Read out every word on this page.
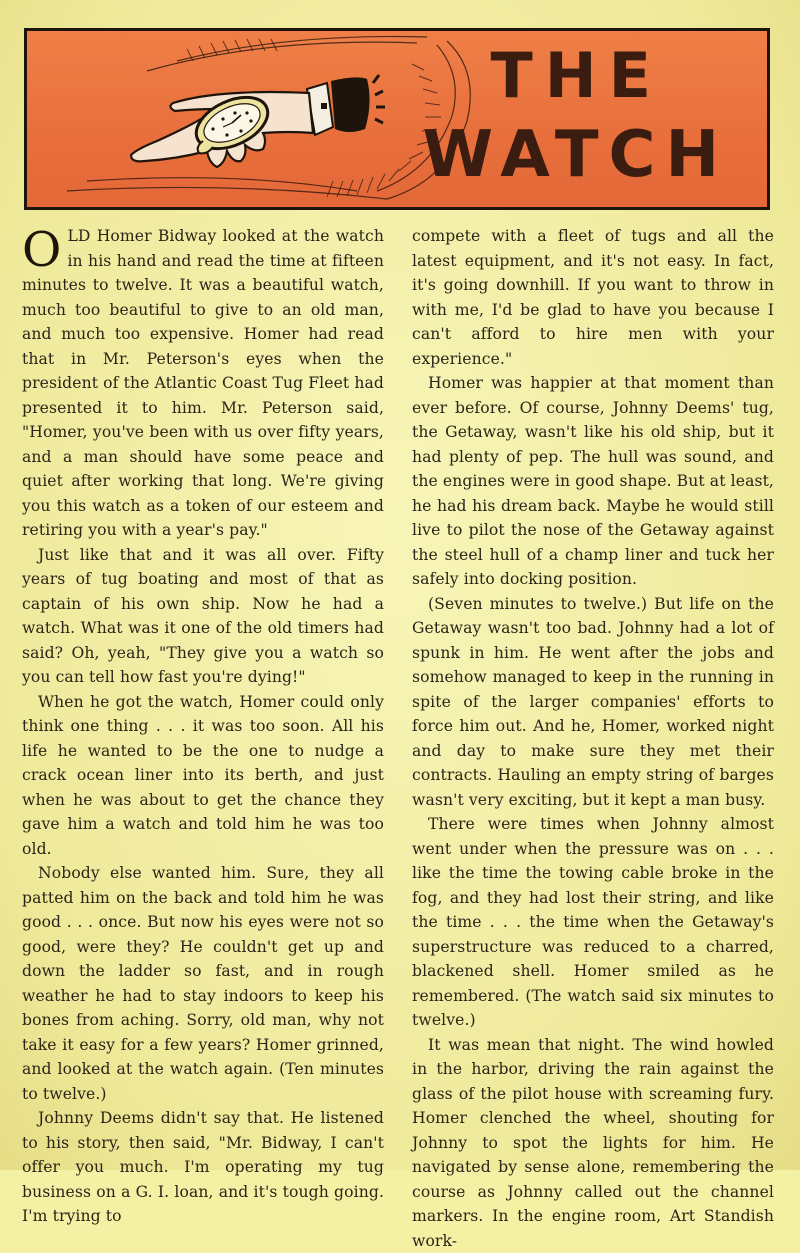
THE
WATCH

OLD Homer Bidway looked at the watch in his hand and read the time at fifteen minutes to twelve. It was a beautiful watch, much too beautiful to give to an old man, and much too expensive. Homer had read that in Mr. Peterson's eyes when the president of the Atlantic Coast Tug Fleet had presented it to him. Mr. Peterson said, "Homer, you've been with us over fifty years, and a man should have some peace and quiet after working that long. We're giving you this watch as a token of our esteem and retiring you with a year's pay."

Just like that and it was all over. Fifty years of tug boating and most of that as captain of his own ship. Now he had a watch. What was it one of the old timers had said? Oh, yeah, "They give you a watch so you can tell how fast you're dying!"

When he got the watch, Homer could only think one thing . . . it was too soon. All his life he wanted to be the one to nudge a crack ocean liner into its berth, and just when he was about to get the chance they gave him a watch and told him he was too old.

Nobody else wanted him. Sure, they all patted him on the back and told him he was good . . . once. But now his eyes were not so good, were they? He couldn't get up and down the ladder so fast, and in rough weather he had to stay indoors to keep his bones from aching. Sorry, old man, why not take it easy for a few years? Homer grinned, and looked at the watch again. (Ten minutes to twelve.)

Johnny Deems didn't say that. He listened to his story, then said, "Mr. Bidway, I can't offer you much. I'm operating my tug business on a G. I. loan, and it's tough going. I'm trying to

compete with a fleet of tugs and all the latest equipment, and it's not easy. In fact, it's going downhill. If you want to throw in with me, I'd be glad to have you because I can't afford to hire men with your experience."

Homer was happier at that moment than ever before. Of course, Johnny Deems' tug, the Getaway, wasn't like his old ship, but it had plenty of pep. The hull was sound, and the engines were in good shape. But at least, he had his dream back. Maybe he would still live to pilot the nose of the Getaway against the steel hull of a champ liner and tuck her safely into docking position.

(Seven minutes to twelve.) But life on the Getaway wasn't too bad. Johnny had a lot of spunk in him. He went after the jobs and somehow managed to keep in the running in spite of the larger companies' efforts to force him out. And he, Homer, worked night and day to make sure they met their contracts. Hauling an empty string of barges wasn't very exciting, but it kept a man busy.

There were times when Johnny almost went under when the pressure was on . . . like the time the towing cable broke in the fog, and they had lost their string, and like the time . . . the time when the Getaway's superstructure was reduced to a charred, blackened shell. Homer smiled as he remembered. (The watch said six minutes to twelve.)

It was mean that night. The wind howled in the harbor, driving the rain against the glass of the pilot house with screaming fury. Homer clenched the wheel, shouting for Johnny to spot the lights for him. He navigated by sense alone, remembering the course as Johnny called out the channel markers. In the engine room, Art Standish work-
